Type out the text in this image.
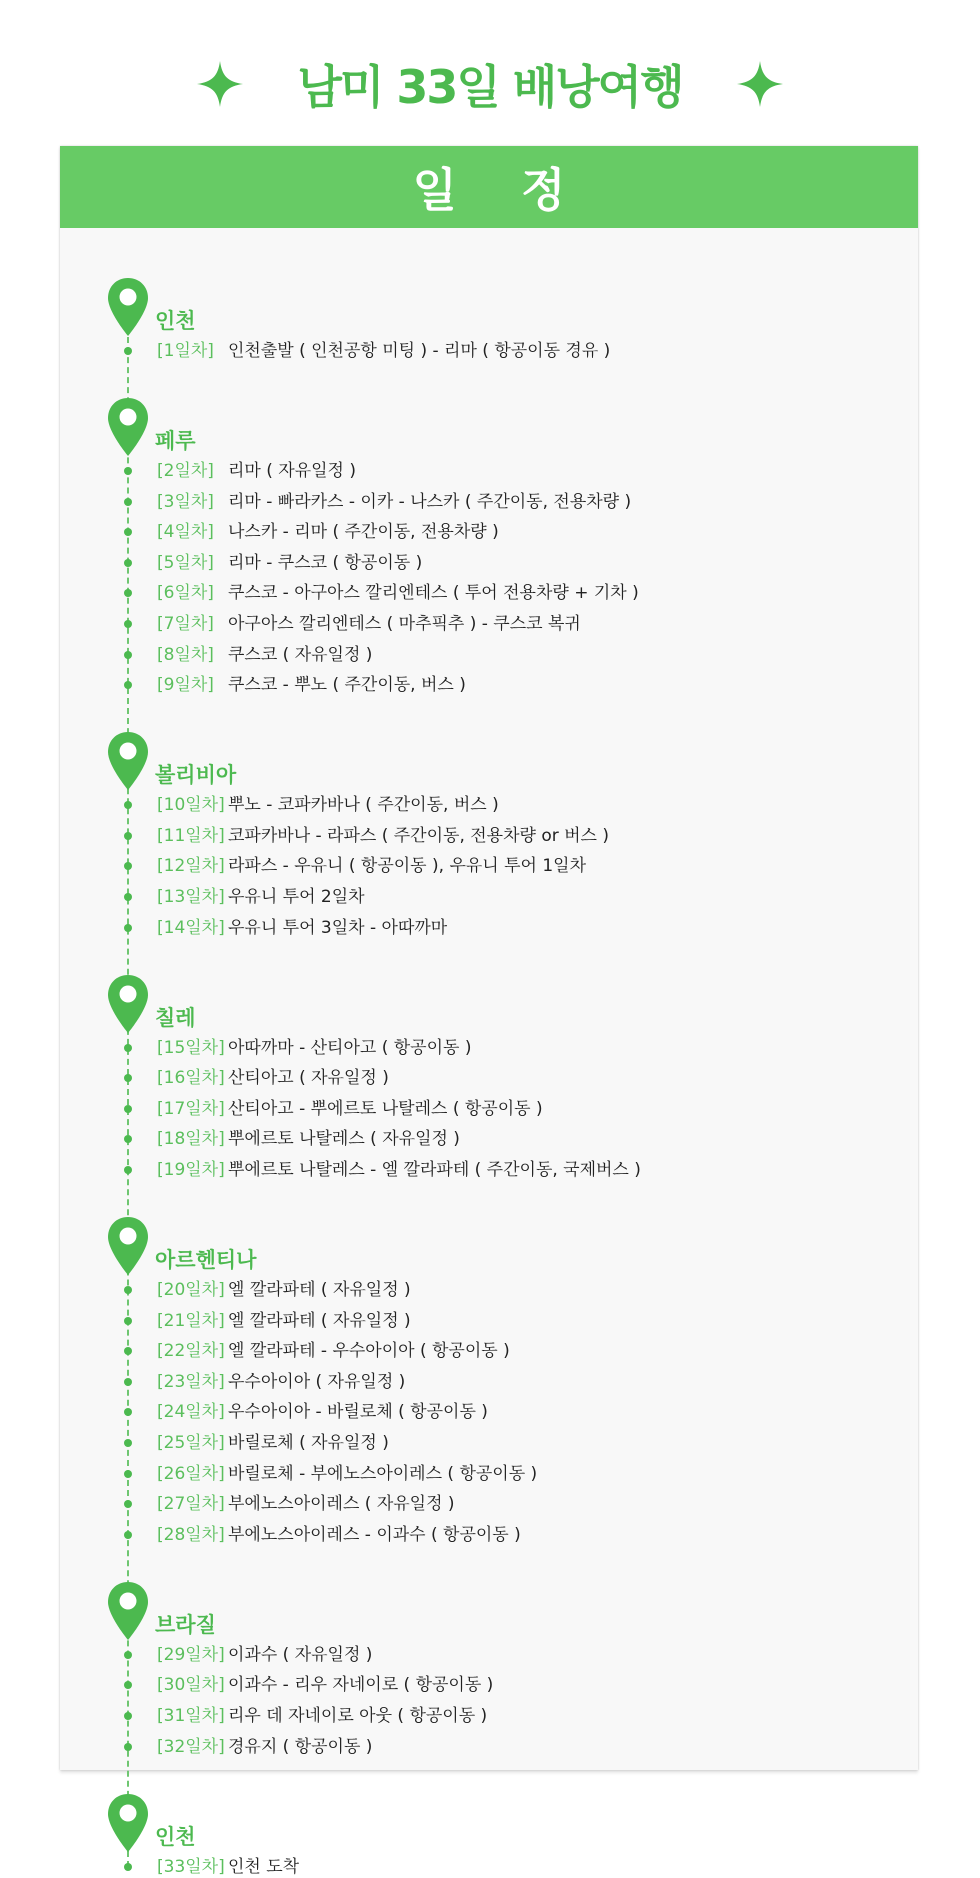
남미 33일 배낭여행
일 정
인천
[1일차] 인천출발 ( 인천공항 미팅 ) - 리마 ( 항공이동 경유 )
페루
[2일차] 리마 ( 자유일정 )
[3일차] 리마 - 빠라카스 - 이카 - 나스카 ( 주간이동, 전용차량 )
[4일차] 나스카 - 리마 ( 주간이동, 전용차량 )
[5일차] 리마 - 쿠스코 ( 항공이동 )
[6일차] 쿠스코 - 아구아스 깔리엔테스 ( 투어 전용차량 + 기차 )
[7일차] 아구아스 깔리엔테스 ( 마추픽추 ) - 쿠스코 복귀
[8일차] 쿠스코 ( 자유일정 )
[9일차] 쿠스코 - 뿌노 ( 주간이동, 버스 )
볼리비아
[10일차] 뿌노 - 코파카바나 ( 주간이동, 버스 )
[11일차] 코파카바나 - 라파스 ( 주간이동, 전용차량 or 버스 )
[12일차] 라파스 - 우유니 ( 항공이동 ), 우유니 투어 1일차
[13일차] 우유니 투어 2일차
[14일차] 우유니 투어 3일차 - 아따까마
칠레
[15일차] 아따까마 - 산티아고 ( 항공이동 )
[16일차] 산티아고 ( 자유일정 )
[17일차] 산티아고 - 뿌에르토 나탈레스 ( 항공이동 )
[18일차] 뿌에르토 나탈레스 ( 자유일정 )
[19일차] 뿌에르토 나탈레스 - 엘 깔라파테 ( 주간이동, 국제버스 )
아르헨티나
[20일차] 엘 깔라파테 ( 자유일정 )
[21일차] 엘 깔라파테 ( 자유일정 )
[22일차] 엘 깔라파테 - 우수아이아 ( 항공이동 )
[23일차] 우수아이아 ( 자유일정 )
[24일차] 우수아이아 - 바릴로체 ( 항공이동 )
[25일차] 바릴로체 ( 자유일정 )
[26일차] 바릴로체 - 부에노스아이레스 ( 항공이동 )
[27일차] 부에노스아이레스 ( 자유일정 )
[28일차] 부에노스아이레스 - 이과수 ( 항공이동 )
브라질
[29일차] 이과수 ( 자유일정 )
[30일차] 이과수 - 리우 자네이로 ( 항공이동 )
[31일차] 리우 데 자네이로 아웃 ( 항공이동 )
[32일차] 경유지 ( 항공이동 )
인천
[33일차] 인천 도착
